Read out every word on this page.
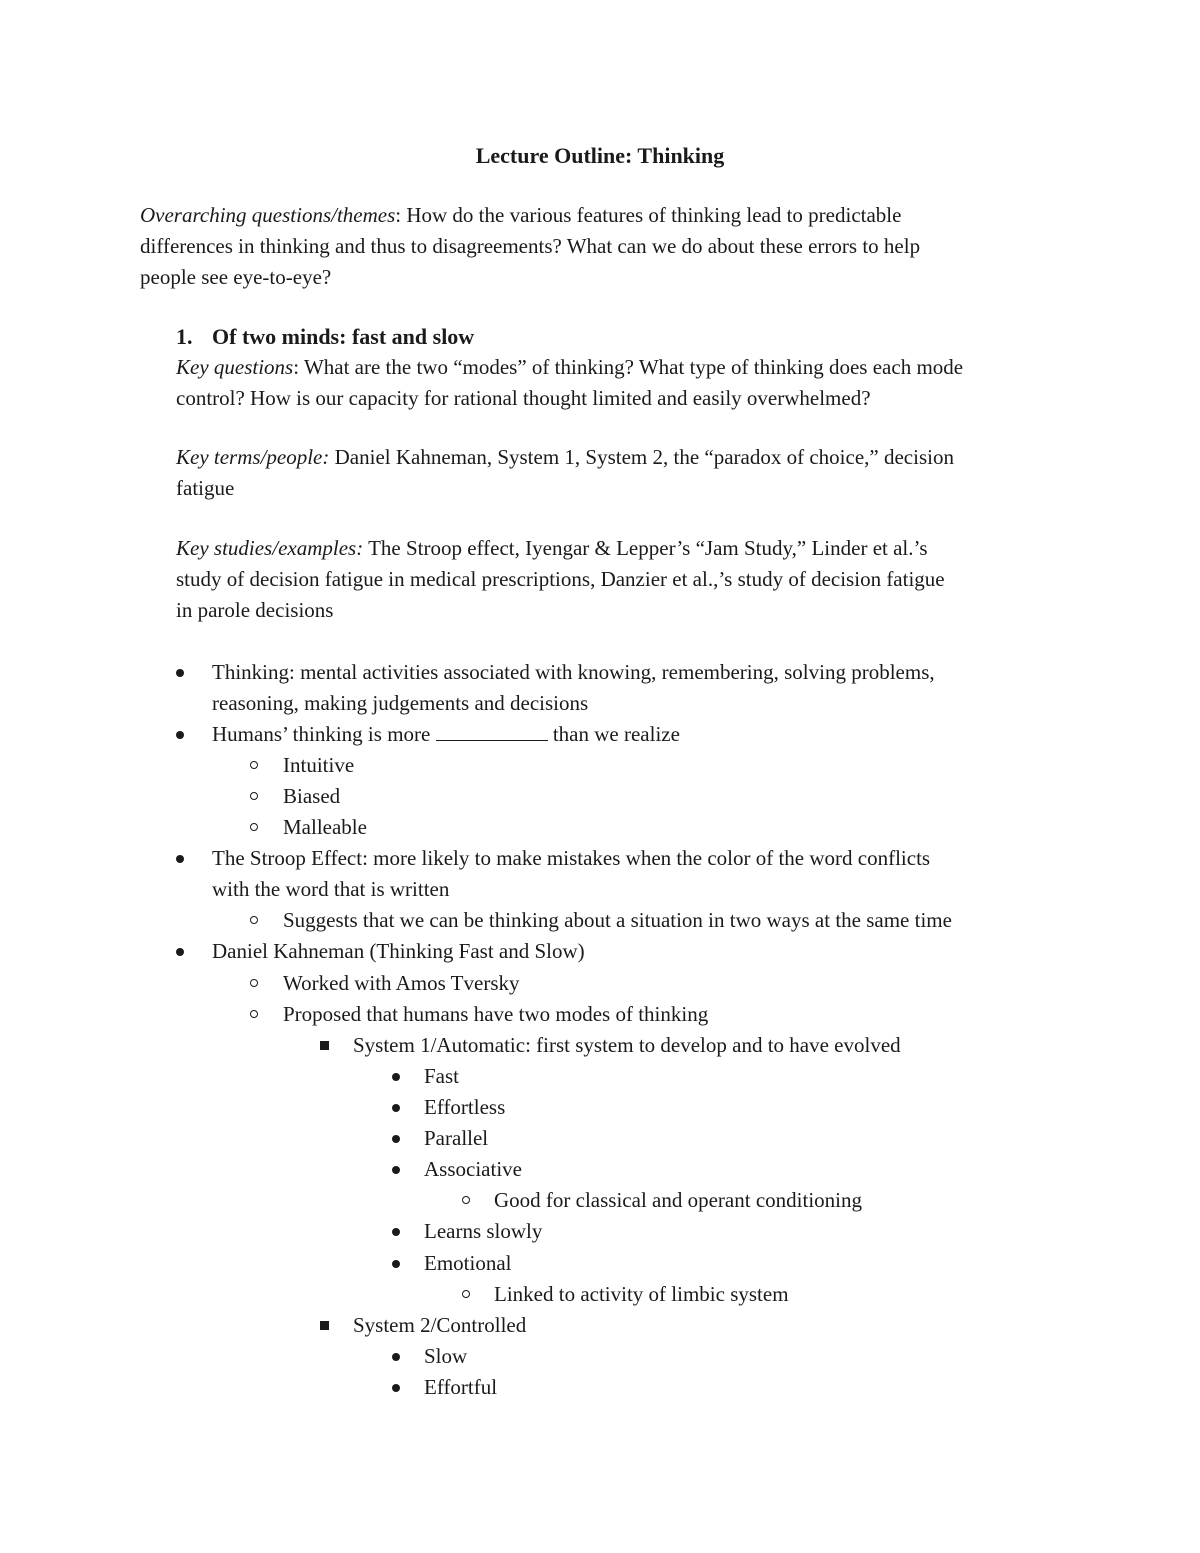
Lecture Outline: Thinking
Overarching questions/themes: How do the various features of thinking lead to predictable
differences in thinking and thus to disagreements? What can we do about these errors to help
people see eye-to-eye?
1. Of two minds: fast and slow
Key questions: What are the two “modes” of thinking? What type of thinking does each mode
control? How is our capacity for rational thought limited and easily overwhelmed?
Key terms/people: Daniel Kahneman, System 1, System 2, the “paradox of choice,” decision
fatigue
Key studies/examples: The Stroop effect, Iyengar & Lepper’s “Jam Study,” Linder et al.’s
study of decision fatigue in medical prescriptions, Danzier et al.,’s study of decision fatigue
in parole decisions
Thinking: mental activities associated with knowing, remembering, solving problems,
reasoning, making judgements and decisions
Humans’ thinking is more	than we realize
Intuitive
Biased
Malleable
The Stroop Effect: more likely to make mistakes when the color of the word conflicts
with the word that is written
Suggests that we can be thinking about a situation in two ways at the same time
Daniel Kahneman (Thinking Fast and Slow)
Worked with Amos Tversky
Proposed that humans have two modes of thinking
System 1/Automatic: first system to develop and to have evolved
Fast
Effortless
Parallel
Associative
Good for classical and operant conditioning
Learns slowly
Emotional
Linked to activity of limbic system
System 2/Controlled
Slow
Effortful
